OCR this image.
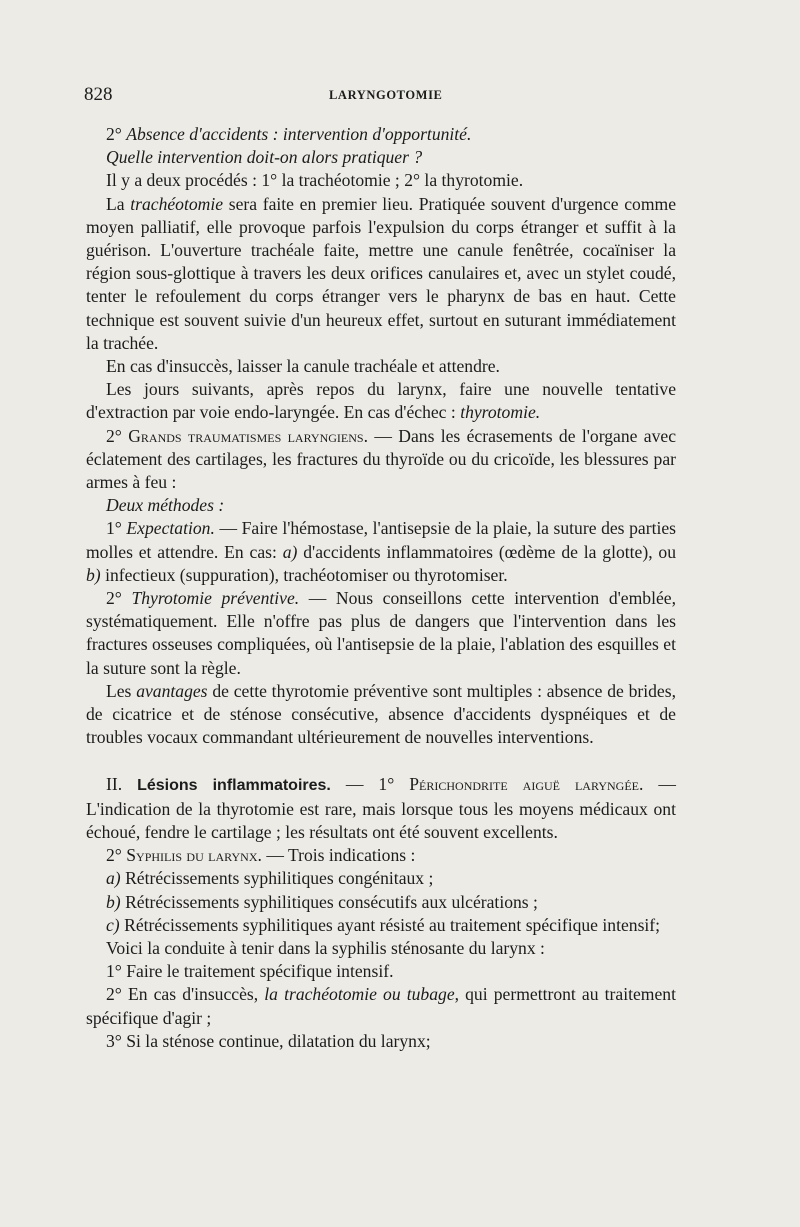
828	LARYNGOTOMIE

2° Absence d'accidents : intervention d'opportunité.

Quelle intervention doit-on alors pratiquer ?

Il y a deux procédés : 1° la trachéotomie ; 2° la thyrotomie.

La trachéotomie sera faite en premier lieu. Pratiquée souvent d'urgence comme moyen palliatif, elle provoque parfois l'expulsion du corps étranger et suffit à la guérison. L'ouverture trachéale faite, mettre une canule fenêtrée, cocaïniser la région sous-glottique à travers les deux orifices canulaires et, avec un stylet coudé, tenter le refoulement du corps étranger vers le pharynx de bas en haut. Cette technique est souvent suivie d'un heureux effet, surtout en suturant immédiatement la trachée.

En cas d'insuccès, laisser la canule trachéale et attendre.

Les jours suivants, après repos du larynx, faire une nouvelle tentative d'extraction par voie endo-laryngée. En cas d'échec : thyrotomie.

2° Grands traumatismes laryngiens. — Dans les écrasements de l'organe avec éclatement des cartilages, les fractures du thyroïde ou du cricoïde, les blessures par armes à feu :

Deux méthodes :

1° Expectation. — Faire l'hémostase, l'antisepsie de la plaie, la suture des parties molles et attendre. En cas: a) d'accidents inflammatoires (œdème de la glotte), ou b) infectieux (suppuration), trachéotomiser ou thyrotomiser.

2° Thyrotomie préventive. — Nous conseillons cette intervention d'emblée, systématiquement. Elle n'offre pas plus de dangers que l'intervention dans les fractures osseuses compliquées, où l'antisepsie de la plaie, l'ablation des esquilles et la suture sont la règle.

Les avantages de cette thyrotomie préventive sont multiples : absence de brides, de cicatrice et de sténose consécutive, absence d'accidents dyspnéiques et de troubles vocaux commandant ultérieurement de nouvelles interventions.

II. Lésions inflammatoires. — 1° Périchondrite aiguë laryngée. — L'indication de la thyrotomie est rare, mais lorsque tous les moyens médicaux ont échoué, fendre le cartilage ; les résultats ont été souvent excellents.

2° Syphilis du larynx. — Trois indications :

a) Rétrécissements syphilitiques congénitaux ;

b) Rétrécissements syphilitiques consécutifs aux ulcérations ;

c) Rétrécissements syphilitiques ayant résisté au traitement spécifique intensif;

Voici la conduite à tenir dans la syphilis sténosante du larynx :

1° Faire le traitement spécifique intensif.

2° En cas d'insuccès, la trachéotomie ou tubage, qui permettront au traitement spécifique d'agir ;

3° Si la sténose continue, dilatation du larynx;
